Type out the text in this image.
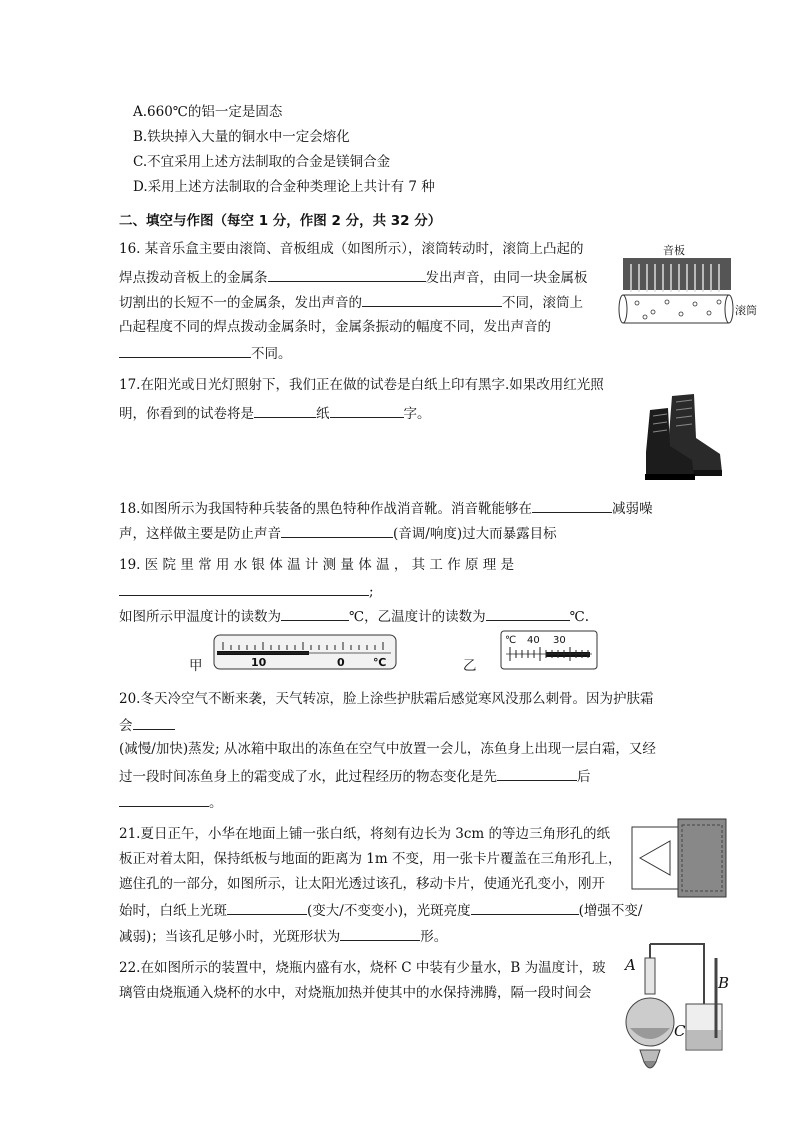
A.660℃的铝一定是固态
B.铁块掉入大量的铜水中一定会熔化
C.不宜采用上述方法制取的合金是镁铜合金
D.采用上述方法制取的合金种类理论上共计有 7 种
二、填空与作图（每空 1 分，作图 2 分，共 32 分）
16. 某音乐盒主要由滚筒、音板组成（如图所示），滚筒转动时，滚筒上凸起的
焊点拨动音板上的金属条	发出声音，由同一块金属板
切割出的长短不一的金属条，发出声音的	不同，滚筒上
凸起程度不同的焊点拨动金属条时，金属条振动的幅度不同，发出声音的
不同。
音板
滚筒
17.在阳光或日光灯照射下，我们正在做的试卷是白纸上印有黑字.如果改用红光照
明，你看到的试卷将是	纸	字。
18.如图所示为我国特种兵装备的黑色特种作战消音靴。消音靴能够在	减弱噪
声，这样做主要是防止声音	(音调/响度)过大而暴露目标
19. 医 院 里 常 用 水 银 体 温 计 测 量 体 温 ， 其 工 作 原 理 是
;
如图所示甲温度计的读数为	℃，乙温度计的读数为	℃.
甲	10	0	℃	乙
℃ 40 30
20.冬天冷空气不断来袭，天气转凉，脸上涂些护肤霜后感觉寒风没那么刺骨。因为护肤霜
会
(减慢/加快)蒸发; 从冰箱中取出的冻鱼在空气中放置一会儿，冻鱼身上出现一层白霜，又经
过一段时间冻鱼身上的霜变成了水，此过程经历的物态变化是先	后
。
21.夏日正午，小华在地面上铺一张白纸，将刻有边长为 3cm 的等边三角形孔的纸
板正对着太阳，保持纸板与地面的距离为 1m 不变，用一张卡片覆盖在三角形孔上，
遮住孔的一部分，如图所示，让太阳光透过该孔，移动卡片，使通光孔变小，刚开
始时，白纸上光斑	(变大/不变变小)，光斑亮度	(增强不变/
减弱)；当该孔足够小时，光斑形状为	形。
22.在如图所示的装置中，烧瓶内盛有水，烧杯 C 中装有少量水，B 为温度计，玻
璃管由烧瓶通入烧杯的水中，对烧瓶加热并使其中的水保持沸腾，隔一段时间会
A
B
C
